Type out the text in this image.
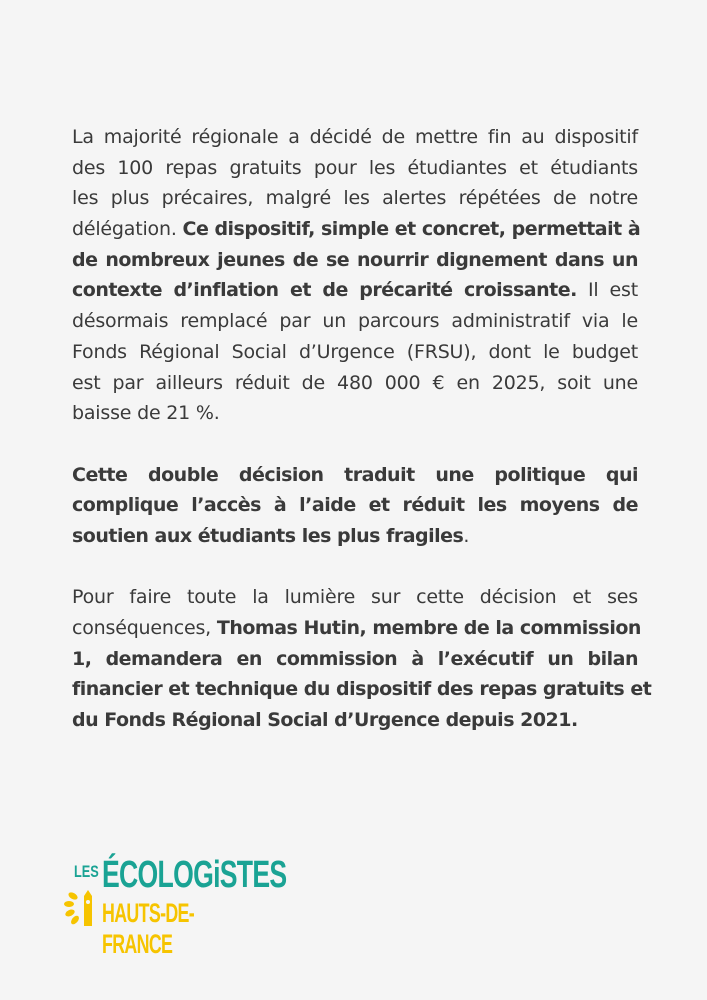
La majorité régionale a décidé de mettre fin au dispositif
des 100 repas gratuits pour les étudiantes et étudiants
les plus précaires, malgré les alertes répétées de notre
délégation. Ce dispositif, simple et concret, permettait à
de nombreux jeunes de se nourrir dignement dans un
contexte d’inflation et de précarité croissante. Il est
désormais remplacé par un parcours administratif via le
Fonds Régional Social d’Urgence (FRSU), dont le budget
est par ailleurs réduit de 480 000 € en 2025, soit une
baisse de 21 %.
Cette double décision traduit une politique qui
complique l’accès à l’aide et réduit les moyens de
soutien aux étudiants les plus fragiles.
Pour faire toute la lumière sur cette décision et ses
conséquences, Thomas Hutin, membre de la commission
1, demandera en commission à l’exécutif un bilan
financier et technique du dispositif des repas gratuits et
du Fonds Régional Social d’Urgence depuis 2021.
LES ÉCOLOGiSTES
HAUTS-DE-FRANCE
